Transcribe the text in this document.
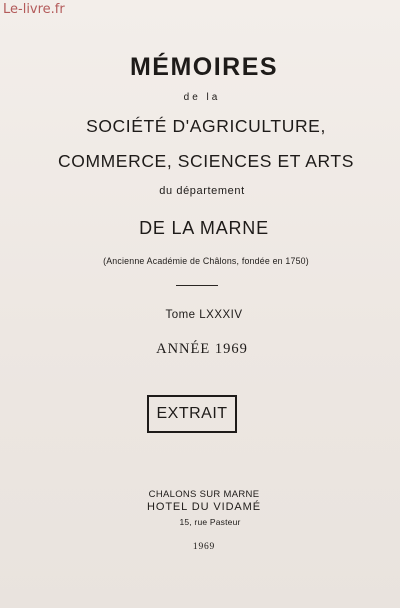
Le-livre.fr
MÉMOIRES
de la
SOCIÉTÉ D'AGRICULTURE,
COMMERCE, SCIENCES ET ARTS
du département
DE LA MARNE
(Ancienne Académie de Châlons, fondée en 1750)
Tome LXXXIV
ANNÉE 1969
EXTRAIT
CHALONS SUR MARNE
HOTEL DU VIDAMÉ
15, rue Pasteur
1969
